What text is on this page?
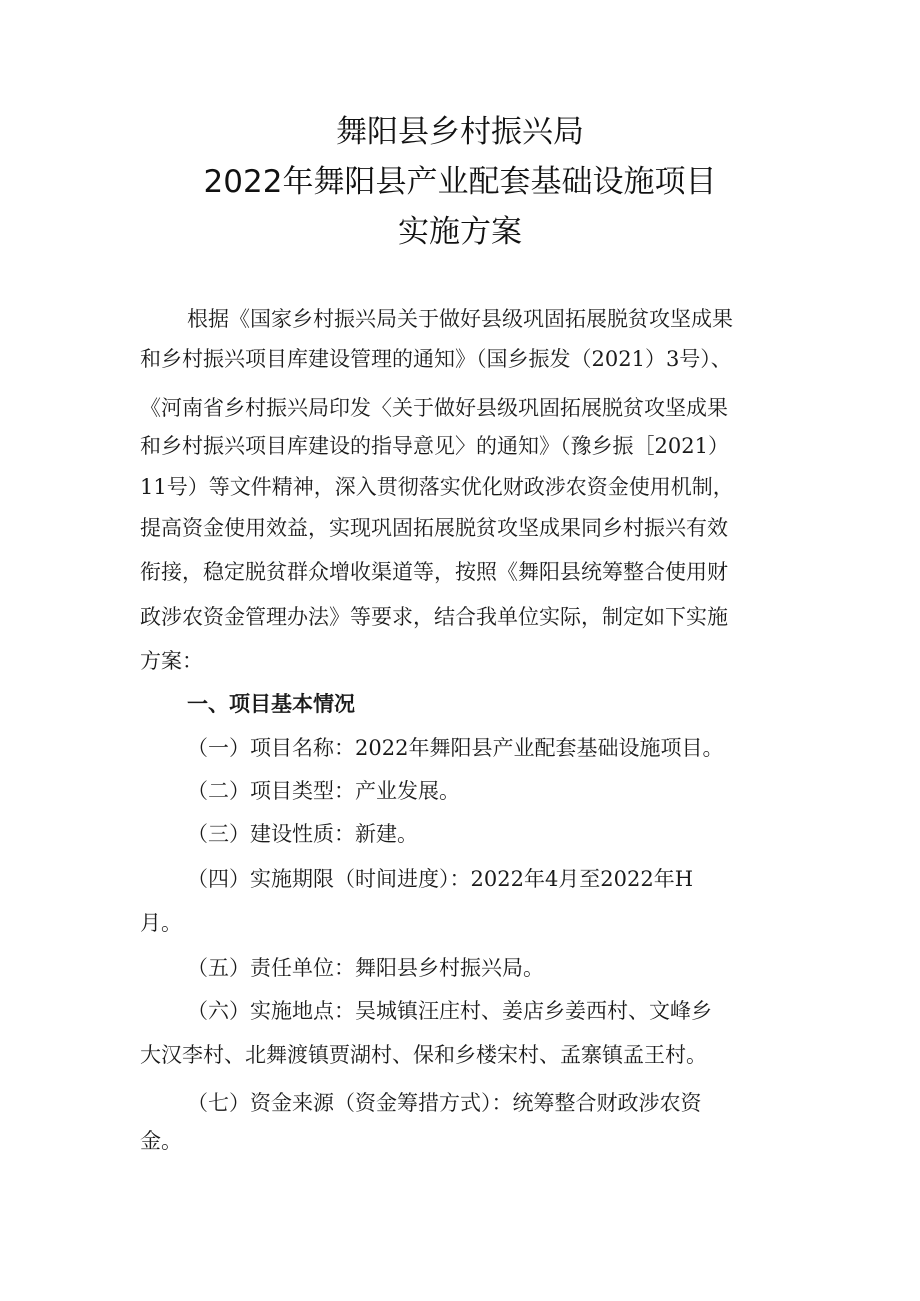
舞阳县乡村振兴局
2022年舞阳县产业配套基础设施项目
实施方案
根据《国家乡村振兴局关于做好县级巩固拓展脱贫攻坚成果
和乡村振兴项目库建设管理的通知》（国乡振发（2021）3号）、
《河南省乡村振兴局印发〈关于做好县级巩固拓展脱贫攻坚成果
和乡村振兴项目库建设的指导意见〉的通知》（豫乡振［2021）
11号）等文件精神，深入贯彻落实优化财政涉农资金使用机制，
提高资金使用效益，实现巩固拓展脱贫攻坚成果同乡村振兴有效
衔接，稳定脱贫群众增收渠道等，按照《舞阳县统筹整合使用财
政涉农资金管理办法》等要求，结合我单位实际，制定如下实施
方案：
一、项目基本情况
（一）项目名称：2022年舞阳县产业配套基础设施项目。
（二）项目类型：产业发展。
（三）建设性质：新建。
（四）实施期限（时间进度）：2022年4月至2022年H
月。
（五）责任单位：舞阳县乡村振兴局。
（六）实施地点：吴城镇汪庄村、姜店乡姜西村、文峰乡
大汉李村、北舞渡镇贾湖村、保和乡楼宋村、孟寨镇孟王村。
（七）资金来源（资金筹措方式）：统筹整合财政涉农资
金。
